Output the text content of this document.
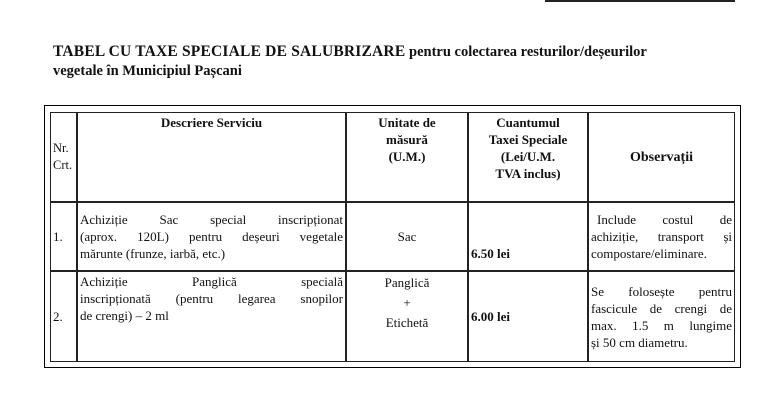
TABEL CU TAXE SPECIALE DE SALUBRIZARE pentru colectarea resturilor/deșeurilor
vegetale în Municipiul Pașcani
Nr.
Crt.	Descriere Serviciu	Unitate de
măsură
(U.M.)	Cuantumul
Taxei Speciale
(Lei/U.M.
TVA inclus)	Observații
1.	Achiziție Sac special inscripționat
(aprox. 120L) pentru deșeuri vegetale
mărunte (frunze, iarbă, etc.)	Sac	6.50 lei	Include costul de
achiziție, transport și
compostare/eliminare.

2.	Achiziție Panglică specială
inscripționată (pentru legarea snopilor
de crengi) – 2 ml	Panglică
+
Etichetă	6.00 lei	Se folosește pentru
fascicule de crengi de
max. 1.5 m lungime
și 50 cm diametru.
